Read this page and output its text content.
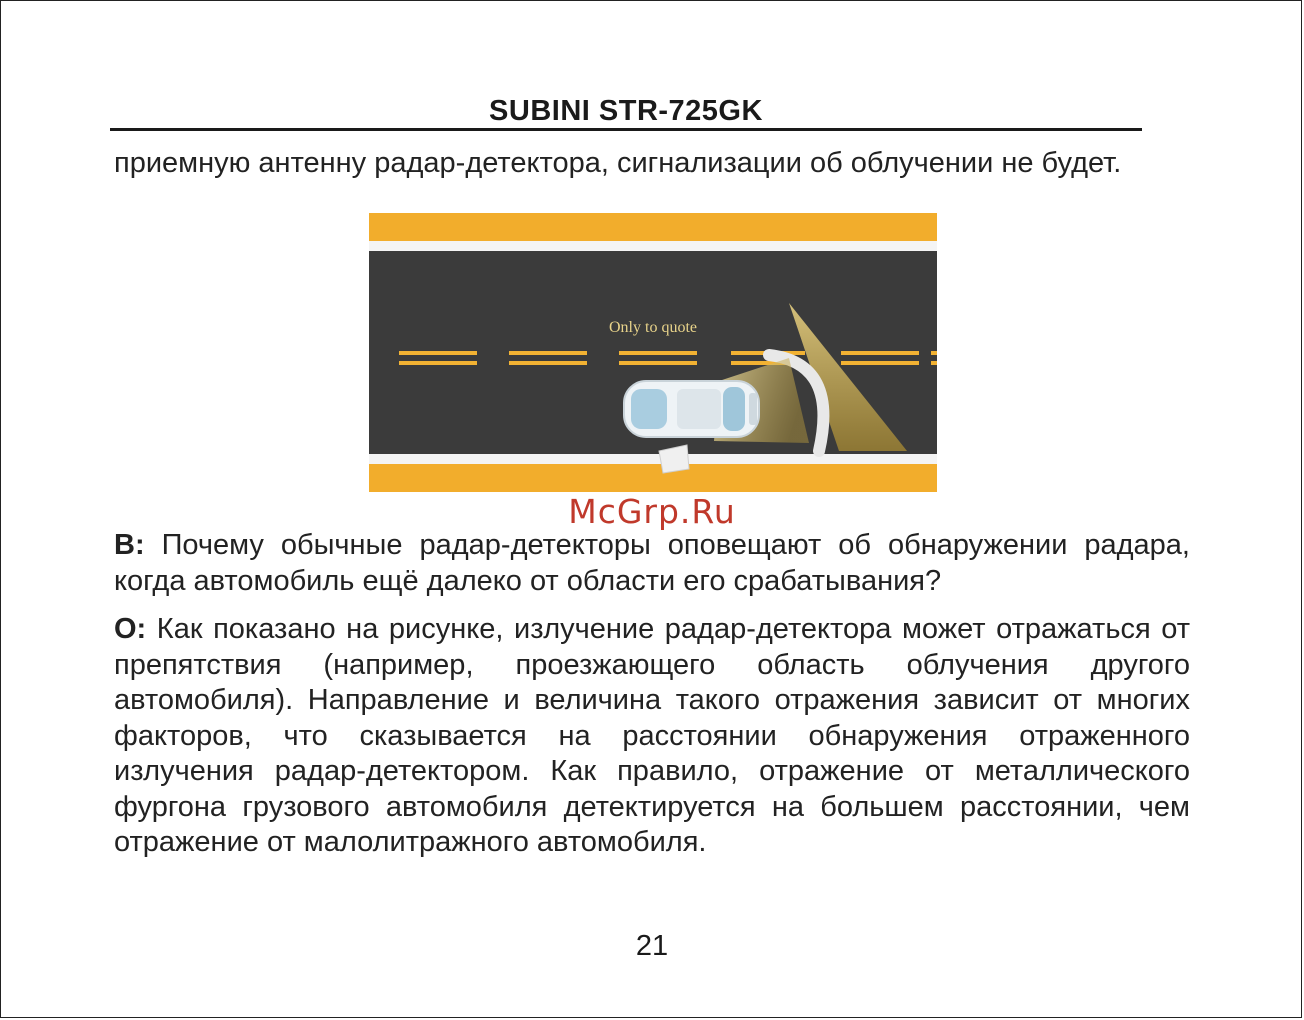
SUBINI STR-725GK
приемную антенну радар-детектора, сигнализации об облучении не будет.
Only to quote
McGrp.Ru
В: Почему обычные радар-детекторы оповещают об обнаружении радара, когда автомобиль ещё далеко от области его срабатывания?
О: Как показано на рисунке, излучение радар-детектора может отражаться от препятствия (например, проезжающего область облучения другого автомобиля). Направление и величина такого отражения зависит от многих факторов, что сказывается на расстоянии обнаружения отраженного излучения радар-детектором. Как правило, отражение от металлического фургона грузового автомобиля детектируется на большем расстоянии, чем отражение от малолитражного автомобиля.
21
